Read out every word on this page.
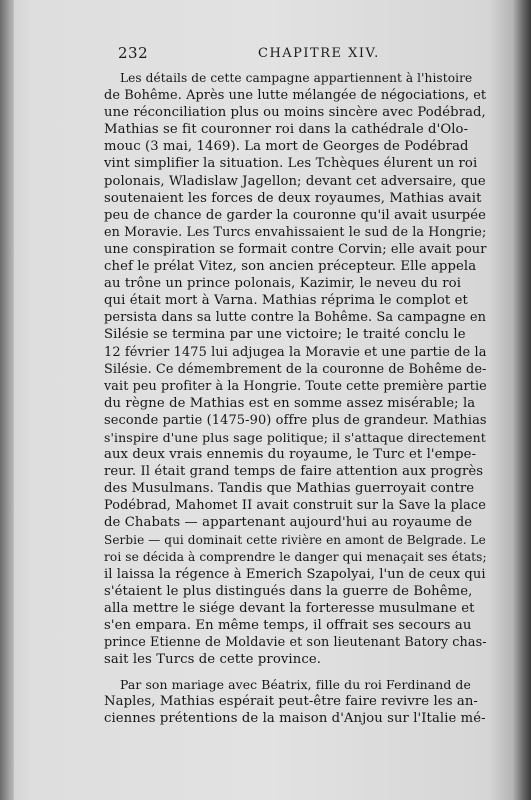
232	CHAPITRE XIV.
Les détails de cette campagne appartiennent à l'histoire
de Bohême. Après une lutte mélangée de négociations, et
une réconciliation plus ou moins sincère avec Podébrad,
Mathias se fit couronner roi dans la cathédrale d'Olo-
mouc (3 mai, 1469). La mort de Georges de Podébrad
vint simplifier la situation. Les Tchèques élurent un roi
polonais, Wladislaw Jagellon; devant cet adversaire, que
soutenaient les forces de deux royaumes, Mathias avait
peu de chance de garder la couronne qu'il avait usurpée
en Moravie. Les Turcs envahissaient le sud de la Hongrie;
une conspiration se formait contre Corvin; elle avait pour
chef le prélat Vitez, son ancien précepteur. Elle appela
au trône un prince polonais, Kazimir, le neveu du roi
qui était mort à Varna. Mathias réprima le complot et
persista dans sa lutte contre la Bohême. Sa campagne en
Silésie se termina par une victoire; le traité conclu le
12 février 1475 lui adjugea la Moravie et une partie de la
Silésie. Ce démembrement de la couronne de Bohême de-
vait peu profiter à la Hongrie. Toute cette première partie
du règne de Mathias est en somme assez misérable; la
seconde partie (1475-90) offre plus de grandeur. Mathias
s'inspire d'une plus sage politique; il s'attaque directement
aux deux vrais ennemis du royaume, le Turc et l'empe-
reur. Il était grand temps de faire attention aux progrès
des Musulmans. Tandis que Mathias guerroyait contre
Podébrad, Mahomet II avait construit sur la Save la place
de Chabats — appartenant aujourd'hui au royaume de
Serbie — qui dominait cette rivière en amont de Belgrade. Le
roi se décida à comprendre le danger qui menaçait ses états;
il laissa la régence à Emerich Szapolyai, l'un de ceux qui
s'étaient le plus distingués dans la guerre de Bohême,
alla mettre le siége devant la forteresse musulmane et
s'en empara. En même temps, il offrait ses secours au
prince Etienne de Moldavie et son lieutenant Batory chas-
sait les Turcs de cette province.
Par son mariage avec Béatrix, fille du roi Ferdinand de
Naples, Mathias espérait peut-être faire revivre les an-
ciennes prétentions de la maison d'Anjou sur l'Italie mé-
